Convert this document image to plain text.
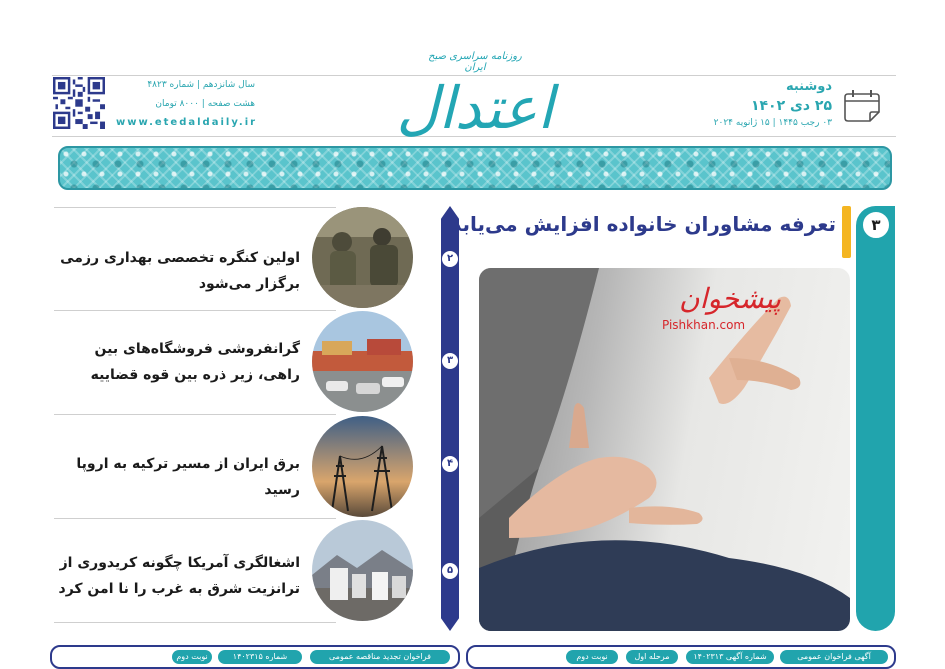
سال شانزدهم | شماره ۴۸۲۳
هشت صفحه | ۸۰۰۰ تومان
www.etedaldaily.ir
روزنامه سراسری صبح ایران
اعتدال	دوشنبه
۲۵ دی ۱۴۰۲
۰۳ رجب ۱۴۴۵ | ۱۵ ژانویه ۲۰۲۴
اولین کنگره تخصصی بهداری رزمی برگزار می‌شود
گرانفروشی فروشگاه‌های بین راهی، زیر ذره بین قوه قضاییه
برق ایران از مسیر ترکیه به اروپا رسید
اشغالگری آمریکا چگونه کریدوری از ترانزیت شرق به غرب را نا امن کرد
۲
۳
۴
۵
۳
تعرفه مشاوران خانواده افزایش می‌یابد
پیشخوان
Pishkhan.com
نوبت دوم	شماره ۱۴۰۲۳۱۵	فراخوان تجدید مناقصه عمومی	نوبت دوم	مرحله اول	شماره آگهی ۱۴۰۲۳۱۳	آگهی فراخوان عمومی
